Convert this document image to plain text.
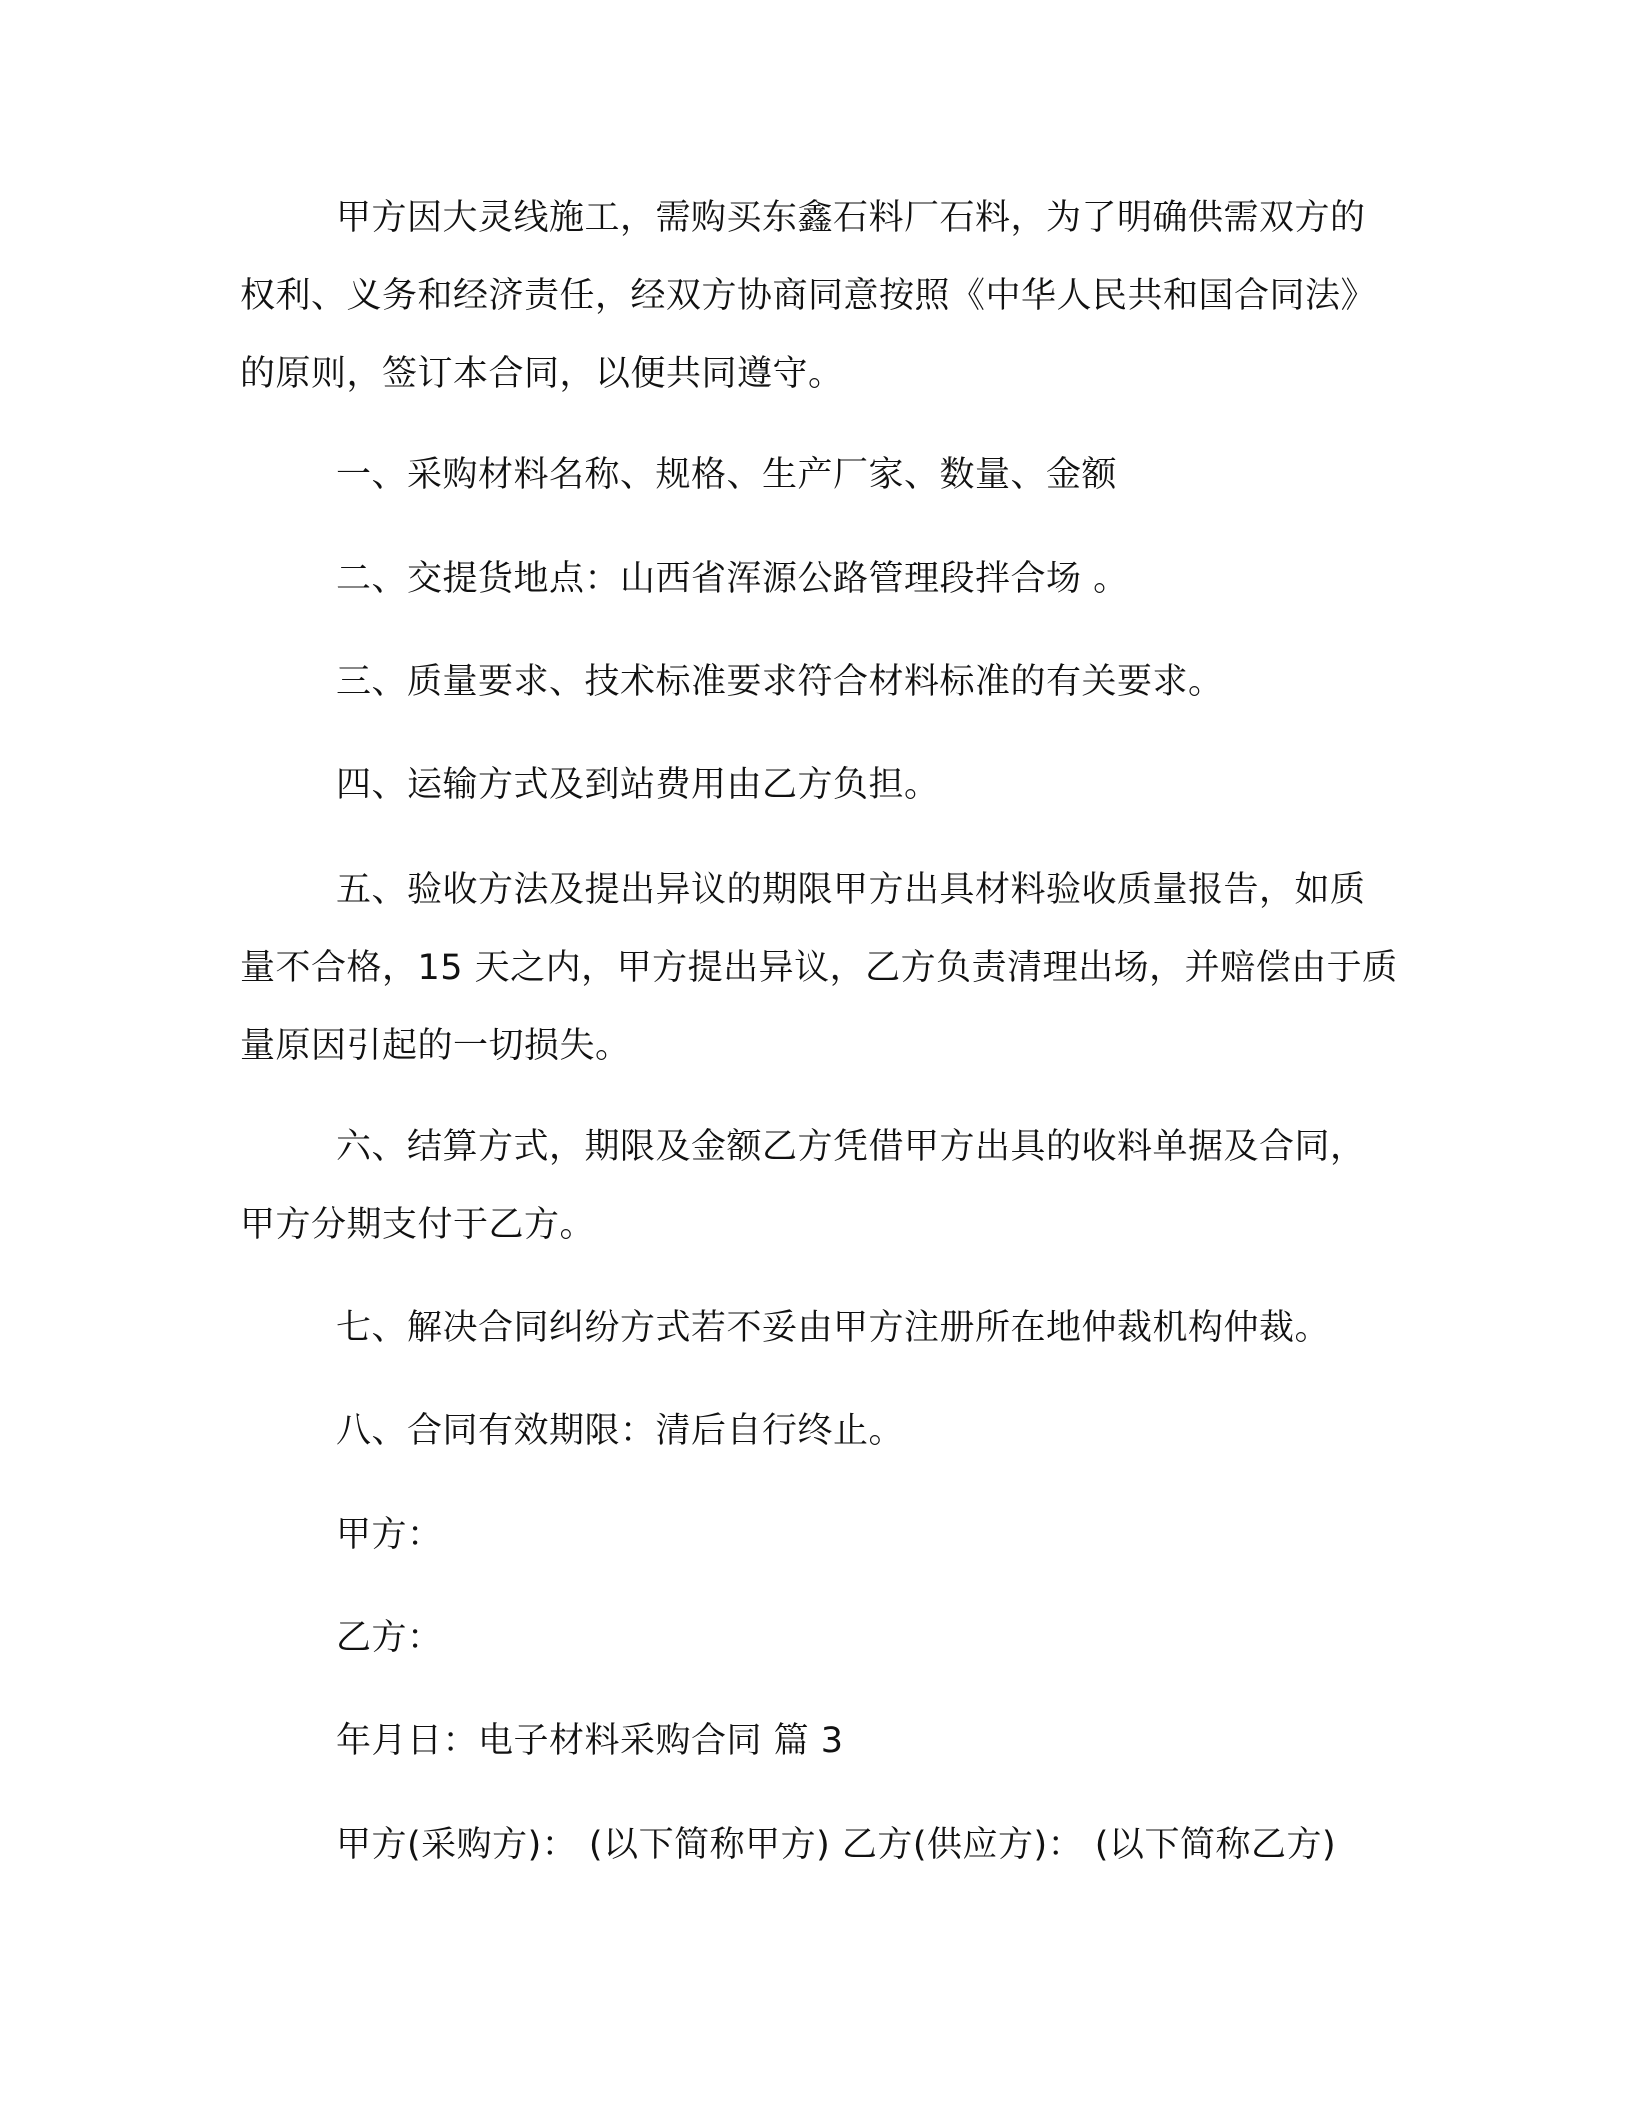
甲方因大灵线施工，需购买东鑫石料厂石料，为了明确供需双方的权利、义务和经济责任，经双方协商同意按照《中华人民共和国合同法》的原则，签订本合同，以便共同遵守。

一、采购材料名称、规格、生产厂家、数量、金额

二、交提货地点：山西省浑源公路管理段拌合场 。

三、质量要求、技术标准要求符合材料标准的有关要求。

四、运输方式及到站费用由乙方负担。

五、验收方法及提出异议的期限甲方出具材料验收质量报告，如质量不合格，15 天之内，甲方提出异议，乙方负责清理出场，并赔偿由于质量原因引起的一切损失。

六、结算方式，期限及金额乙方凭借甲方出具的收料单据及合同，甲方分期支付于乙方。

七、解决合同纠纷方式若不妥由甲方注册所在地仲裁机构仲裁。

八、合同有效期限：清后自行终止。

甲方：

乙方：

年月日：电子材料采购合同 篇 3

甲方(采购方)： (以下简称甲方) 乙方(供应方)： (以下简称乙方)
